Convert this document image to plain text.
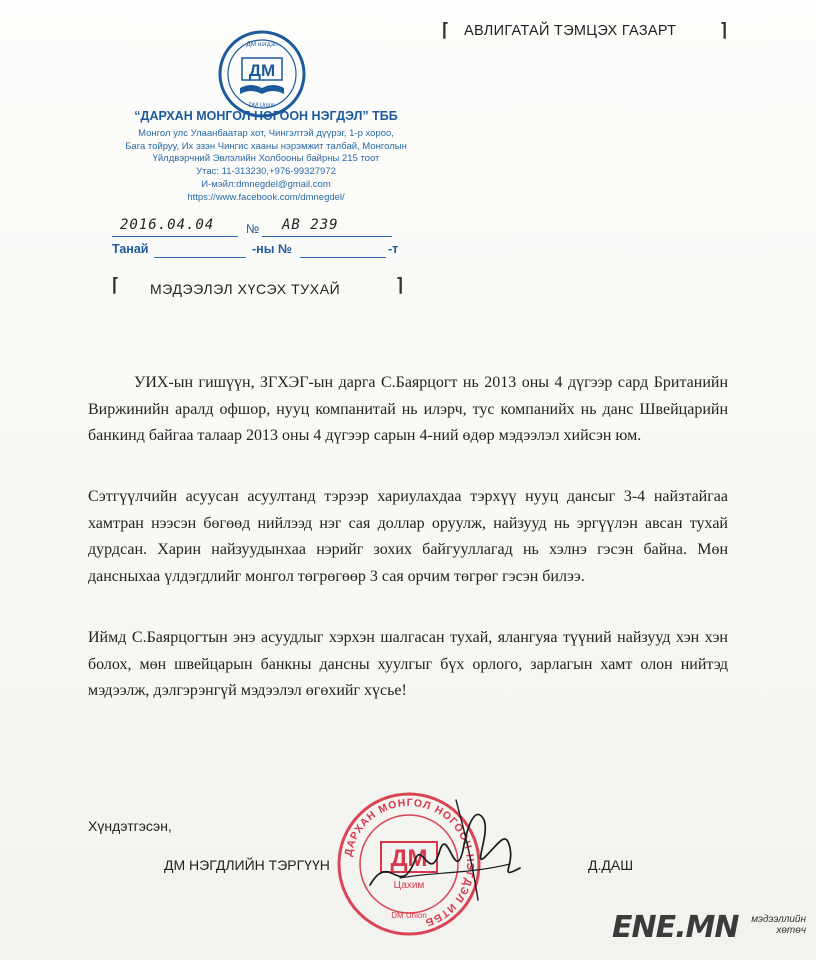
ДМ нэгдэл
ДМ
DM Union
“ДАРХАН МОНГОЛ НОГООН НЭГДЭЛ” ТББ
Монгол улс Улаанбаатар хот, Чингэлтэй дүүрэг, 1-р хороо,
Бага тойруу, Их эзэн Чингис хааны нэрэмжит талбай, Монголын
Үйлдвэрчний Эвлэлийн Холбооны байрны 215 тоот
Утас: 11-313230,+976-99327972
И-мэйл:dmnegdel@gmail.com
https://www.facebook.com/dmnegdel/
⌈ АВЛИГАТАЙ ТЭМЦЭХ ГАЗАРТ ⌉
2016.04.04	№ АВ 239
Танай	-ны №	-т
⌈ МЭДЭЭЛЭЛ ХҮСЭХ ТУХАЙ	⌉
УИХ-ын гишүүн, ЗГХЭГ-ын дарга С.Баярцогт нь 2013 оны 4 дүгээр сард Британийн Виржинийн аралд офшор, нууц компанитай нь илэрч, тус компанийх нь данс Швейцарийн банкинд байгаа талаар 2013 оны 4 дүгээр сарын 4-ний өдөр мэдээлэл хийсэн юм.
Сэтгүүлчийн асуусан асуултанд тэрээр хариулахдаа тэрхүү нууц дансыг 3-4 найзтайгаа хамтран нээсэн бөгөөд нийлээд нэг сая доллар оруулж, найзууд нь эргүүлэн авсан тухай дурдсан. Харин найзуудынхаа нэрийг зохих байгууллагад нь хэлнэ гэсэн байна. Мөн дансныхаа үлдэгдлийг монгол төгрөгөөр 3 сая орчим төгрөг гэсэн билээ.
Иймд С.Баярцогтын энэ асуудлыг хэрхэн шалгасан тухай, ялангуяа түүний найзууд хэн хэн болох, мөн швейцарын банкны дансны хуулгыг бүх орлого, зарлагын хамт олон нийтэд мэдээлж, дэлгэрэнгүй мэдээлэл өгөхийг хүсье!
Хүндэтгэсэн,
ДМ НЭГДЛИЙН ТЭРГҮҮН	Д.ДАШ
ДАРХАН МОНГОЛ НОГООН НЭГДЭЛ ИТББ
ДМ
Цахим
DM Union	ENE.MN мэдээллийн
хөтөч
